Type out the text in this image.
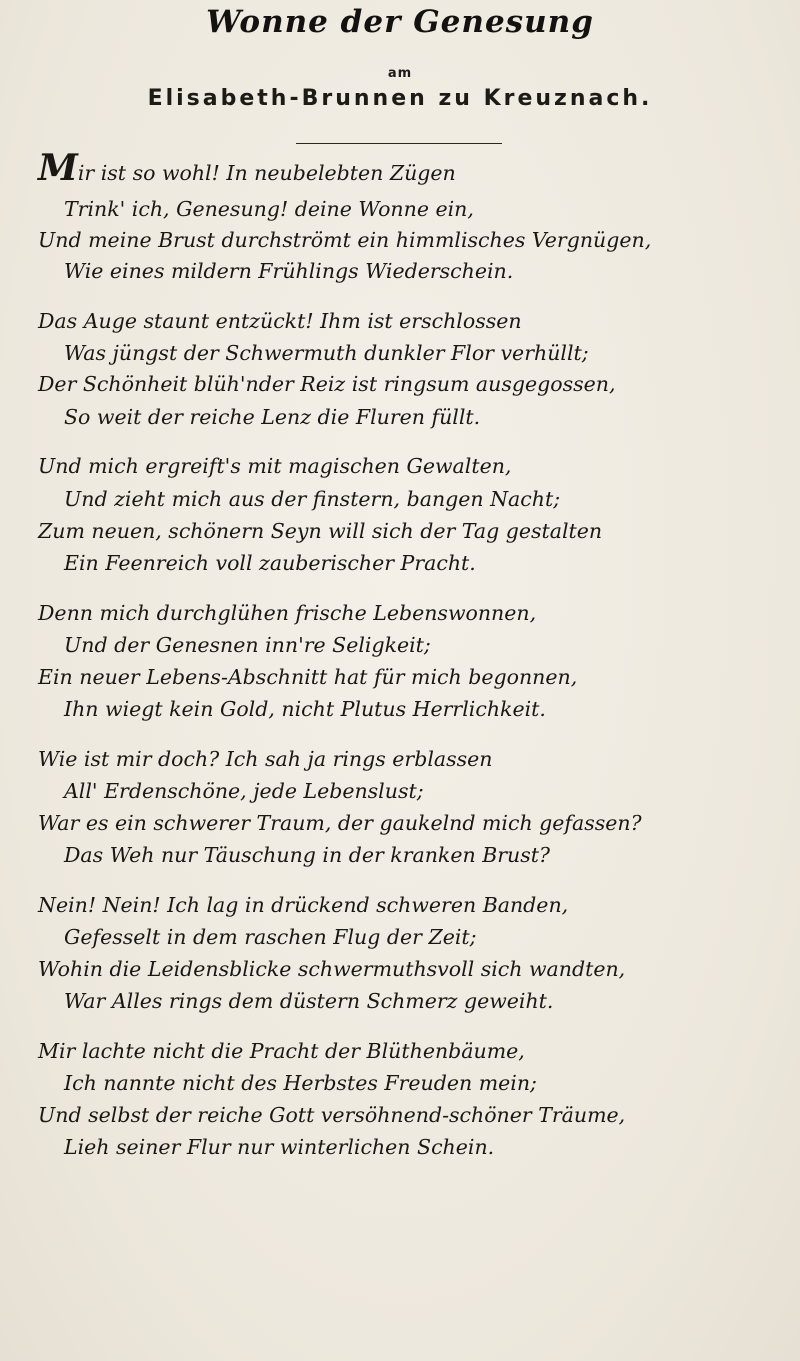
Wonne der Genesung
am
Elisabeth-Brunnen zu Kreuznach.
Mir ist so wohl! In neubelebten Zügen
Trink' ich, Genesung! deine Wonne ein,
Und meine Brust durchströmt ein himmlisches Vergnügen,
Wie eines mildern Frühlings Wiederschein.
Das Auge staunt entzückt! Ihm ist erschlossen
Was jüngst der Schwermuth dunkler Flor verhüllt;
Der Schönheit blüh'nder Reiz ist ringsum ausgegossen,
So weit der reiche Lenz die Fluren füllt.
Und mich ergreift's mit magischen Gewalten,
Und zieht mich aus der finstern, bangen Nacht;
Zum neuen, schönern Seyn will sich der Tag gestalten
Ein Feenreich voll zauberischer Pracht.
Denn mich durchglühen frische Lebenswonnen,
Und der Genesnen inn're Seligkeit;
Ein neuer Lebens-Abschnitt hat für mich begonnen,
Ihn wiegt kein Gold, nicht Plutus Herrlichkeit.
Wie ist mir doch? Ich sah ja rings erblassen
All' Erdenschöne, jede Lebenslust;
War es ein schwerer Traum, der gaukelnd mich gefassen?
Das Weh nur Täuschung in der kranken Brust?
Nein! Nein! Ich lag in drückend schweren Banden,
Gefesselt in dem raschen Flug der Zeit;
Wohin die Leidensblicke schwermuthsvoll sich wandten,
War Alles rings dem düstern Schmerz geweiht.
Mir lachte nicht die Pracht der Blüthenbäume,
Ich nannte nicht des Herbstes Freuden mein;
Und selbst der reiche Gott versöhnend-schöner Träume,
Lieh seiner Flur nur winterlichen Schein.
